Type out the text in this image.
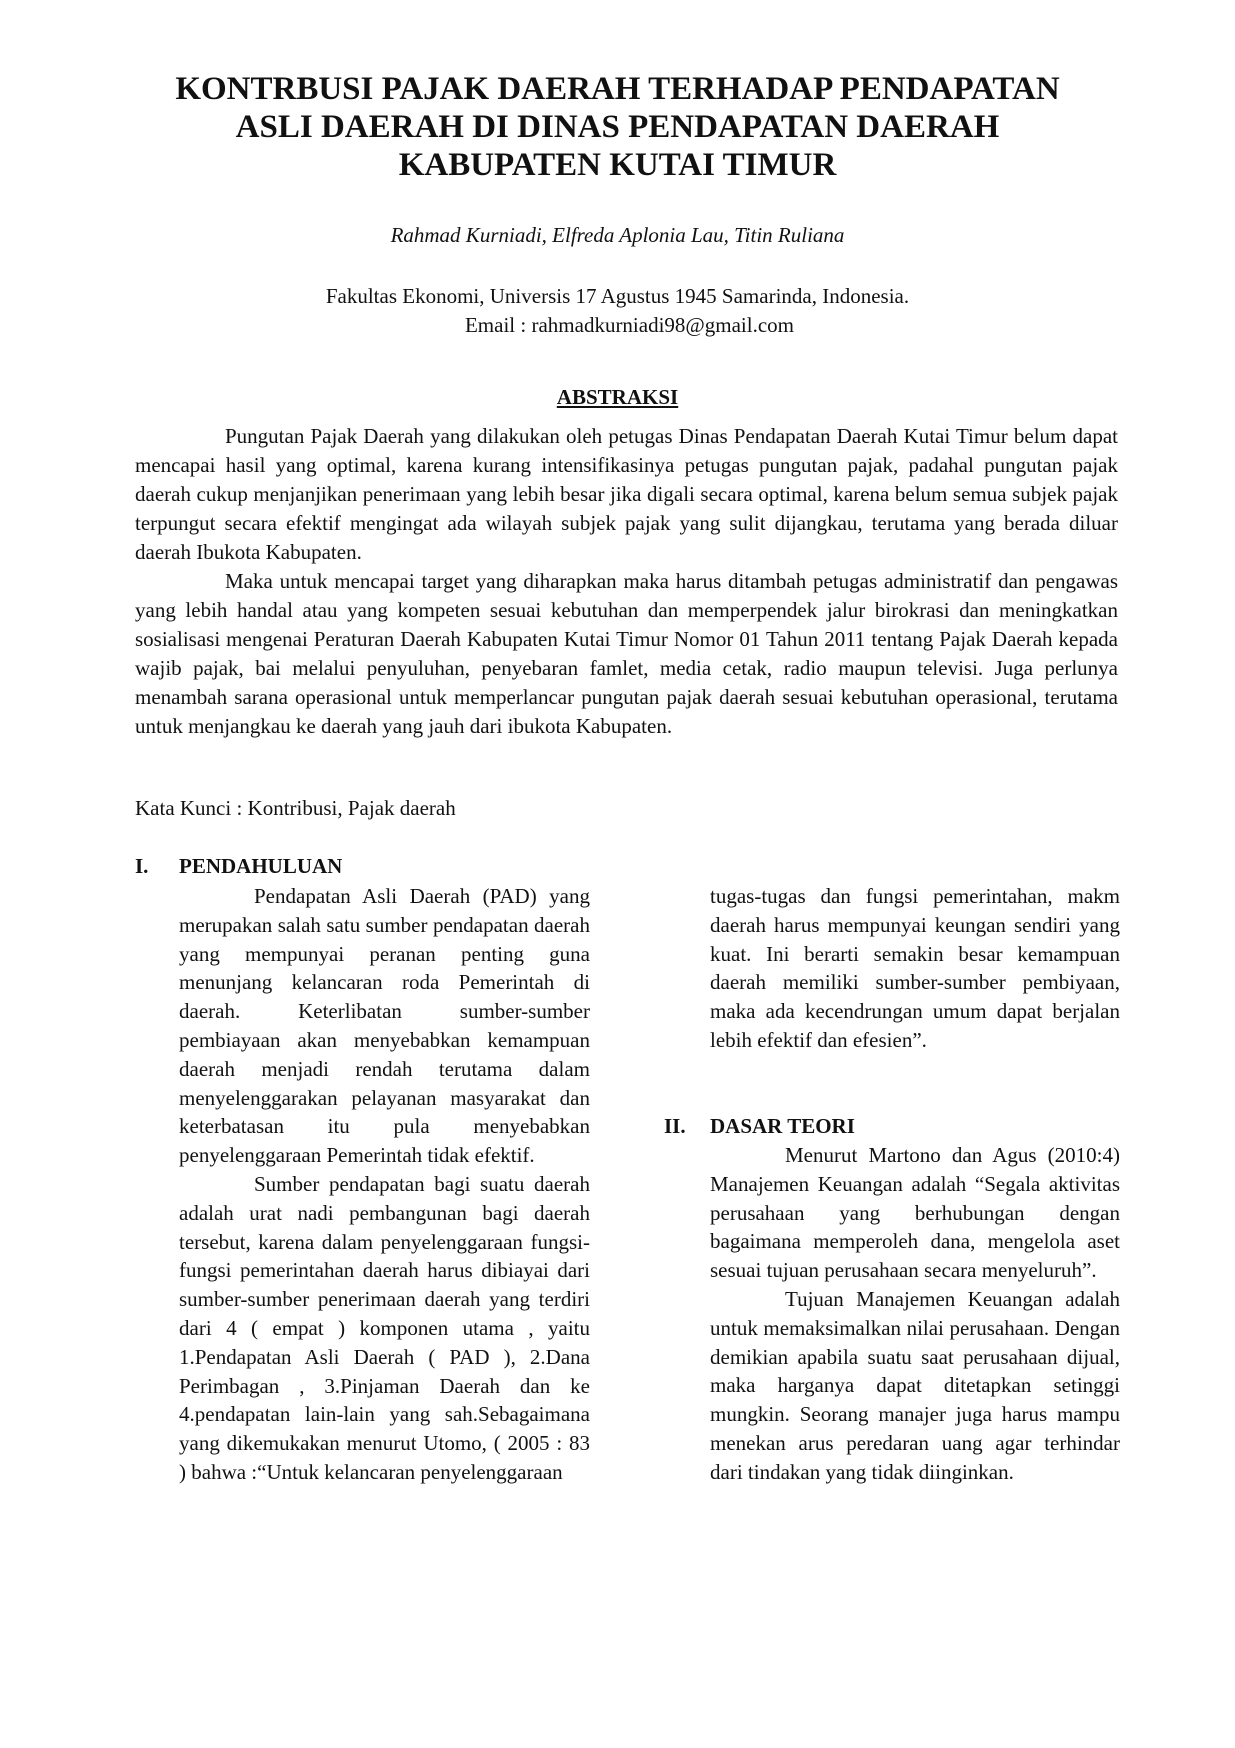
KONTRBUSI PAJAK DAERAH TERHADAP PENDAPATAN
ASLI DAERAH DI DINAS PENDAPATAN DAERAH
KABUPATEN KUTAI TIMUR
Rahmad Kurniadi, Elfreda Aplonia Lau, Titin Ruliana
Fakultas Ekonomi, Universis 17 Agustus 1945 Samarinda, Indonesia.
Email : rahmadkurniadi98@gmail.com
ABSTRAKSI

Pungutan Pajak Daerah yang dilakukan oleh petugas Dinas Pendapatan Daerah Kutai Timur belum dapat mencapai hasil yang optimal, karena kurang intensifikasinya petugas pungutan pajak, padahal pungutan pajak daerah cukup menjanjikan penerimaan yang lebih besar jika digali secara optimal, karena belum semua subjek pajak terpungut secara efektif mengingat ada wilayah subjek pajak yang sulit dijangkau, terutama yang berada diluar daerah Ibukota Kabupaten.

Maka untuk mencapai target yang diharapkan maka harus ditambah petugas administratif dan pengawas yang lebih handal atau yang kompeten sesuai kebutuhan dan memperpendek jalur birokrasi dan meningkatkan sosialisasi mengenai Peraturan Daerah Kabupaten Kutai Timur Nomor 01 Tahun 2011 tentang Pajak Daerah kepada wajib pajak, bai melalui penyuluhan, penyebaran famlet, media cetak, radio maupun televisi. Juga perlunya menambah sarana operasional untuk memperlancar pungutan pajak daerah sesuai kebutuhan operasional, terutama untuk menjangkau ke daerah yang jauh dari ibukota Kabupaten.

Kata Kunci : Kontribusi, Pajak daerah
I. PENDAHULUAN

Pendapatan Asli Daerah (PAD) yang merupakan salah satu sumber pendapatan daerah yang mempunyai peranan penting guna menunjang kelancaran roda Pemerintah di daerah. Keterlibatan sumber-sumber pembiayaan akan menyebabkan kemampuan daerah menjadi rendah terutama dalam menyelenggarakan pelayanan masyarakat dan keterbatasan itu pula menyebabkan penyelenggaraan Pemerintah tidak efektif.

Sumber pendapatan bagi suatu daerah adalah urat nadi pembangunan bagi daerah tersebut, karena dalam penyelenggaraan fungsi-fungsi pemerintahan daerah harus dibiayai dari sumber-sumber penerimaan daerah yang terdiri dari 4 ( empat ) komponen utama , yaitu 1.Pendapatan Asli Daerah ( PAD ), 2.Dana Perimbagan , 3.Pinjaman Daerah dan ke 4.pendapatan lain-lain yang sah.Sebagaimana yang dikemukakan menurut Utomo, ( 2005 : 83 ) bahwa :“Untuk kelancaran penyelenggaraan

tugas-tugas dan fungsi pemerintahan, makm daerah harus mempunyai keungan sendiri yang kuat. Ini berarti semakin besar kemampuan daerah memiliki sumber-sumber pembiyaan, maka ada kecendrungan umum dapat berjalan lebih efektif dan efesien”.

II. DASAR TEORI

Menurut Martono dan Agus (2010:4) Manajemen Keuangan adalah “Segala aktivitas perusahaan yang berhubungan dengan bagaimana memperoleh dana, mengelola aset sesuai tujuan perusahaan secara menyeluruh”.

Tujuan Manajemen Keuangan adalah untuk memaksimalkan nilai perusahaan. Dengan demikian apabila suatu saat perusahaan dijual, maka harganya dapat ditetapkan setinggi mungkin. Seorang manajer juga harus mampu menekan arus peredaran uang agar terhindar dari tindakan yang tidak diinginkan.
